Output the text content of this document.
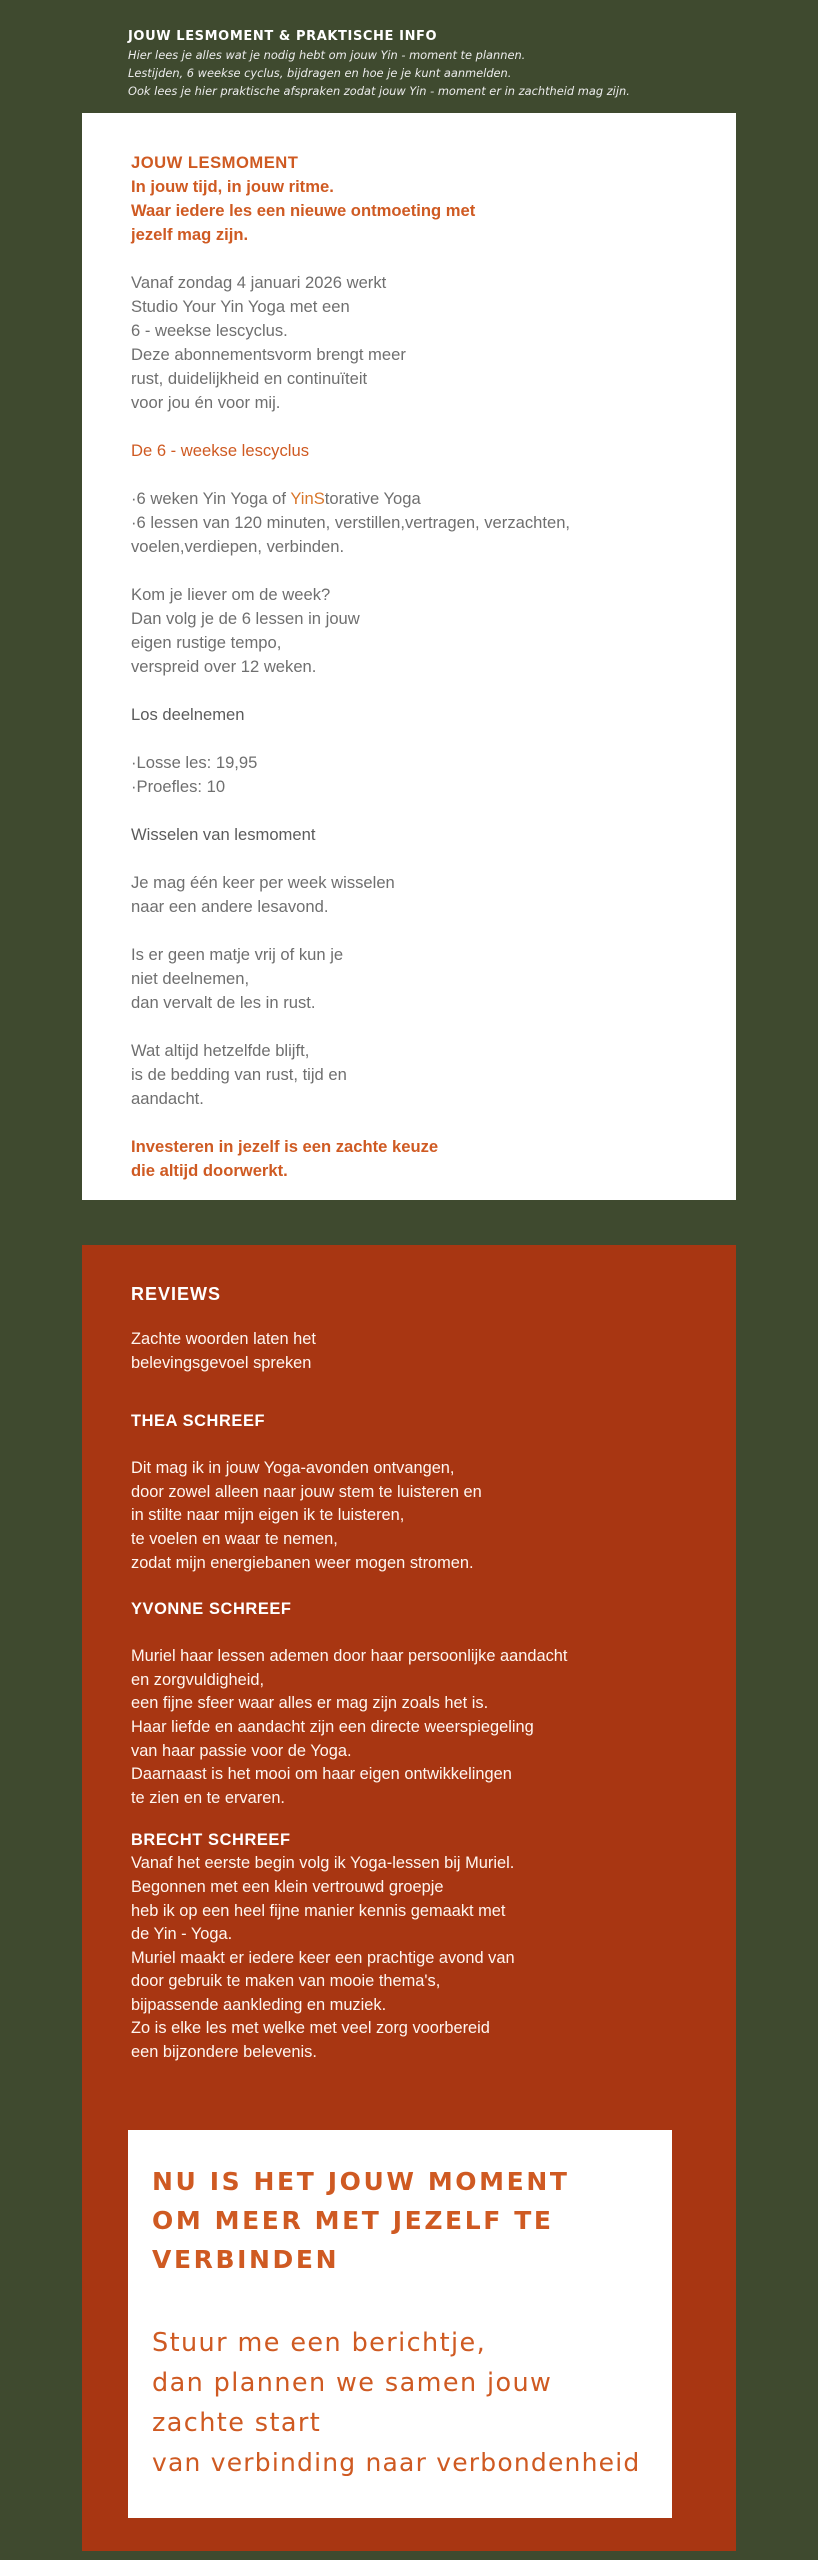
JOUW LESMOMENT & PRAKTISCHE INFO
Hier lees je alles wat je nodig hebt om jouw Yin - moment te plannen.
Lestijden, 6 weekse cyclus, bijdragen en hoe je je kunt aanmelden.
Ook lees je hier praktische afspraken zodat jouw Yin - moment er in zachtheid mag zijn.
JOUW LESMOMENT
In jouw tijd, in jouw ritme.
Waar iedere les een nieuwe ontmoeting met
jezelf mag zijn.
Vanaf zondag 4 januari 2026 werkt
Studio Your Yin Yoga met een
6 - weekse lescyclus.
Deze abonnementsvorm brengt meer
rust, duidelijkheid en continuïteit
voor jou én voor mij.
De 6 - weekse lescyclus
·6 weken Yin Yoga of YinStorative Yoga
·6 lessen van 120 minuten, verstillen,vertragen, verzachten,
voelen,verdiepen, verbinden.
Kom je liever om de week?
Dan volg je de 6 lessen in jouw
eigen rustige tempo,
verspreid over 12 weken.
Los deelnemen
·Losse les: 19,95
·Proefles: 10
Wisselen van lesmoment
Je mag één keer per week wisselen
naar een andere lesavond.
Is er geen matje vrij of kun je
niet deelnemen,
dan vervalt de les in rust.
Wat altijd hetzelfde blijft,
is de bedding van rust, tijd en
aandacht.
Investeren in jezelf is een zachte keuze
die altijd doorwerkt.
REVIEWS
Zachte woorden laten het
belevingsgevoel spreken
THEA SCHREEF
Dit mag ik in jouw Yoga-avonden ontvangen,
door zowel alleen naar jouw stem te luisteren en
in stilte naar mijn eigen ik te luisteren,
te voelen en waar te nemen,
zodat mijn energiebanen weer mogen stromen.
YVONNE SCHREEF
Muriel haar lessen ademen door haar persoonlijke aandacht
en zorgvuldigheid,
een fijne sfeer waar alles er mag zijn zoals het is.
Haar liefde en aandacht zijn een directe weerspiegeling
van haar passie voor de Yoga.
Daarnaast is het mooi om haar eigen ontwikkelingen
te zien en te ervaren.
BRECHT SCHREEF
Vanaf het eerste begin volg ik Yoga-lessen bij Muriel.
Begonnen met een klein vertrouwd groepje
heb ik op een heel fijne manier kennis gemaakt met
de Yin - Yoga.
Muriel maakt er iedere keer een prachtige avond van
door gebruik te maken van mooie thema's,
bijpassende aankleding en muziek.
Zo is elke les met welke met veel zorg voorbereid
een bijzondere belevenis.
NU IS HET JOUW MOMENT
OM MEER MET JEZELF TE
VERBINDEN
Stuur me een berichtje,
dan plannen we samen jouw
zachte start
van verbinding naar verbondenheid
